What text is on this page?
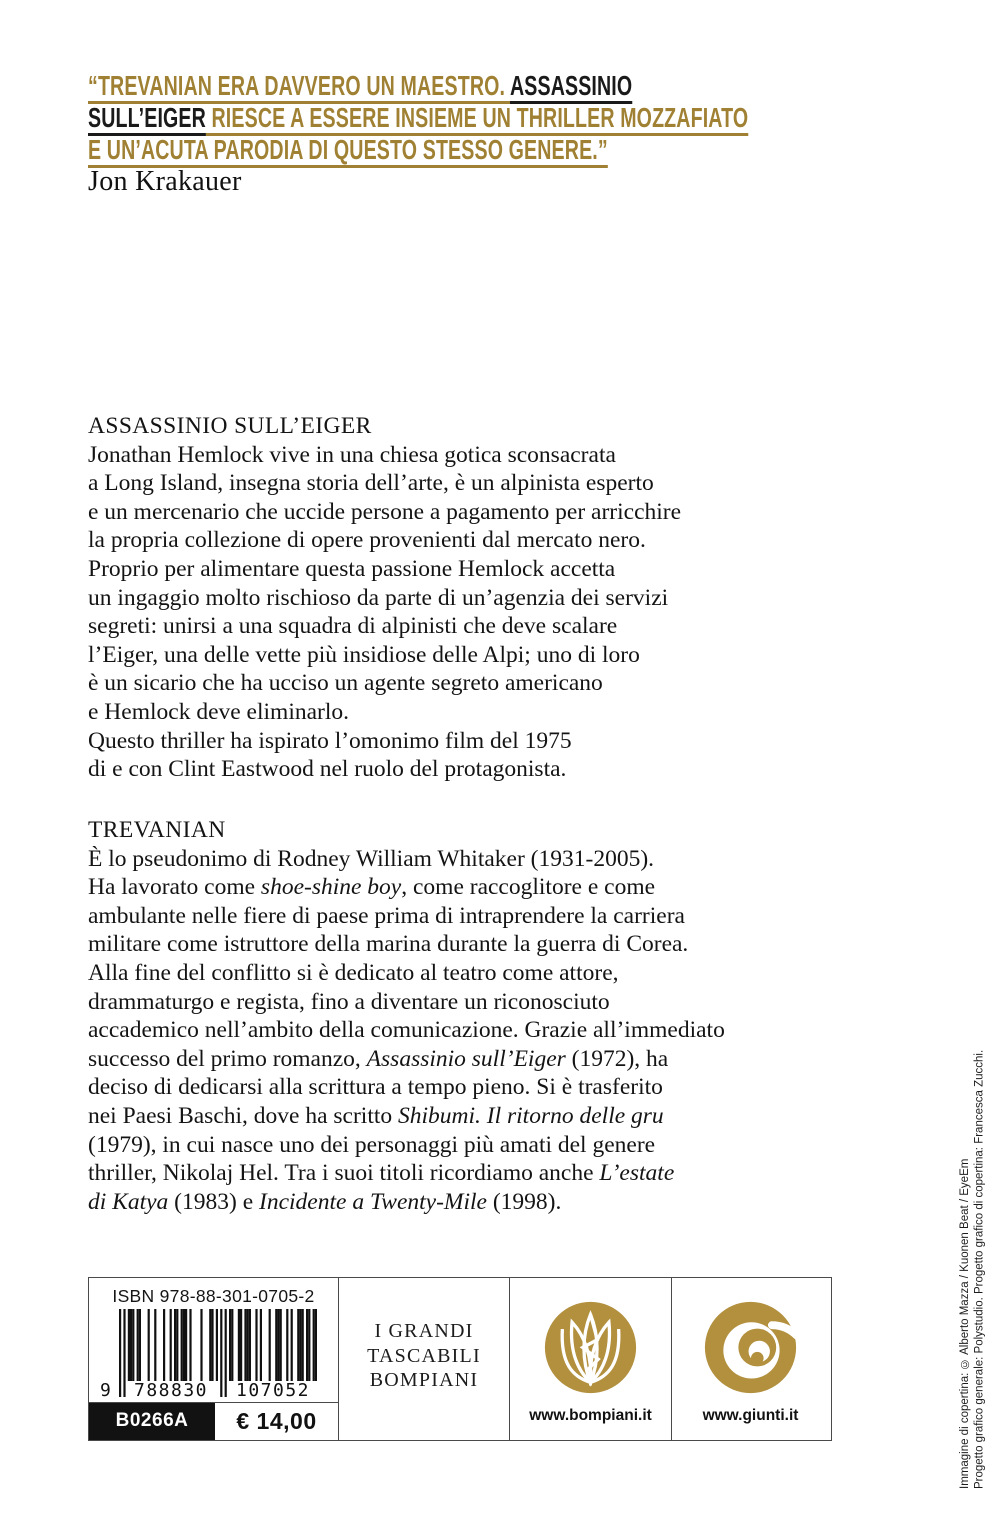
“TREVANIAN ERA DAVVERO UN MAESTRO. ASSASSINIO
SULL’EIGER RIESCE A ESSERE INSIEME UN THRILLER MOZZAFIATO
E UN’ACUTA PARODIA DI QUESTO STESSO GENERE.”
Jon Krakauer
ASSASSINIO SULL’EIGER
Jonathan Hemlock vive in una chiesa gotica sconsacrata
a Long Island, insegna storia dell’arte, è un alpinista esperto
e un mercenario che uccide persone a pagamento per arricchire
la propria collezione di opere provenienti dal mercato nero.
Proprio per alimentare questa passione Hemlock accetta
un ingaggio molto rischioso da parte di un’agenzia dei servizi
segreti: unirsi a una squadra di alpinisti che deve scalare
l’Eiger, una delle vette più insidiose delle Alpi; uno di loro
è un sicario che ha ucciso un agente segreto americano
e Hemlock deve eliminarlo.
Questo thriller ha ispirato l’omonimo film del 1975
di e con Clint Eastwood nel ruolo del protagonista.
TREVANIAN
È lo pseudonimo di Rodney William Whitaker (1931-2005).
Ha lavorato come shoe-shine boy, come raccoglitore e come
ambulante nelle fiere di paese prima di intraprendere la carriera
militare come istruttore della marina durante la guerra di Corea.
Alla fine del conflitto si è dedicato al teatro come attore,
drammaturgo e regista, fino a diventare un riconosciuto
accademico nell’ambito della comunicazione. Grazie all’immediato
successo del primo romanzo, Assassinio sull’Eiger (1972), ha
deciso di dedicarsi alla scrittura a tempo pieno. Si è trasferito
nei Paesi Baschi, dove ha scritto Shibumi. Il ritorno delle gru
(1979), in cui nasce uno dei personaggi più amati del genere
thriller, Nikolaj Hel. Tra i suoi titoli ricordiamo anche L’estate
di Katya (1983) e Incidente a Twenty-Mile (1998).
ISBN 978-88-301-0705-2
9	788830	107052
B0266A	€ 14,00
I GRANDI
TASCABILI
BOMPIANI
www.bompiani.it	www.giunti.it
Immagine di copertina: © Alberto Mazza / Kuonen Beat / EyeEm
Progetto grafico generale: Polystudio. Progetto grafico di copertina: Francesca Zucchi.
